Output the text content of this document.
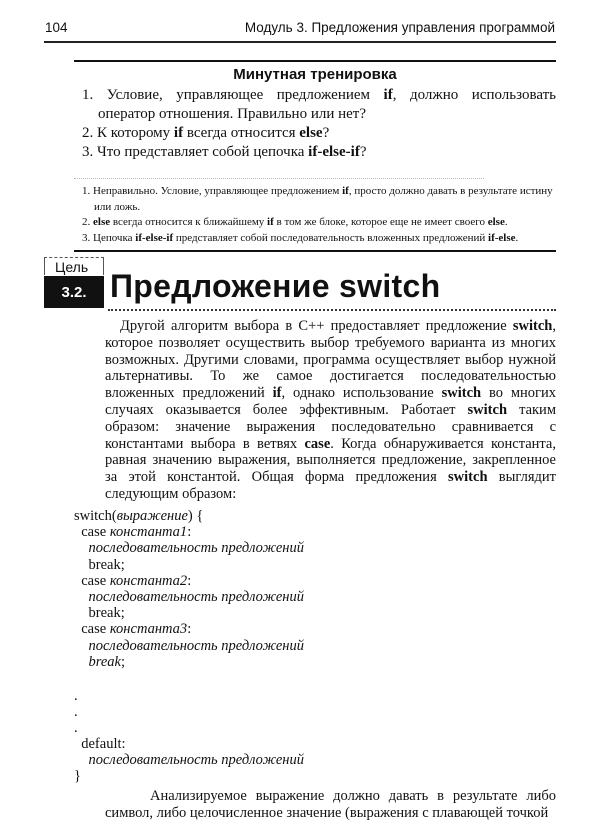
104	Модуль 3. Предложения управления программой
Минутная тренировка
1. Условие, управляющее предложением if, должно использовать оператор отношения. Правильно или нет?
2. К которому if всегда относится else?
3. Что представляет собой цепочка if-else-if?
1. Неправильно. Условие, управляющее предложением if, просто должно давать в результате истину или ложь.
2. else всегда относится к ближайшему if в том же блоке, которое еще не имеет своего else.
3. Цепочка if-else-if представляет собой последовательность вложенных предложений if-else.
Цель
3.2. Предложение switch

Другой алгоритм выбора в C++ предоставляет предложение switch, которое позволяет осуществить выбор требуемого варианта из многих возможных. Другими словами, программа осуществляет выбор нужной альтернативы. То же самое достигается последовательностью вложенных предложений if, однако использование switch во многих случаях оказывается более эффективным. Работает switch таким образом: значение выражения последовательно сравнивается с константами выбора в ветвях case. Когда обнаруживается константа, равная значению выражения, выполняется предложение, закрепленное за этой константой. Общая форма предложения switch выглядит следующим образом:

switch(выражение) {
case константа1:
последовательность предложений
break;
case константа2:
последовательность предложений
break;
case константа3:
последовательность предложений
break;
.
.
.
default:
последовательность предложений
}

Анализируемое выражение должно давать в результате либо символ, либо целочисленное значение (выражения с плавающей точкой
